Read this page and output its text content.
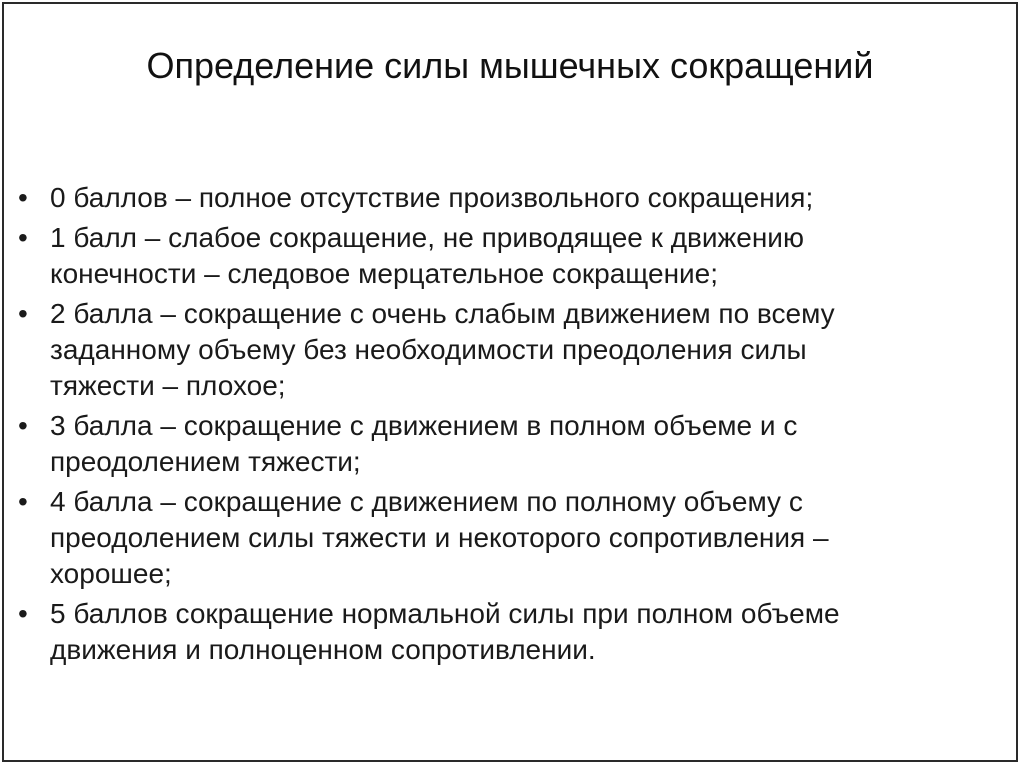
Определение силы мышечных сокращений
• 0 баллов – полное отсутствие произвольного сокращения;
• 1 балл – слабое сокращение, не приводящее к движению
конечности – следовое мерцательное сокращение;
• 2 балла – сокращение с очень слабым движением по всему
заданному объему без необходимости преодоления силы
тяжести – плохое;
• 3 балла – сокращение с движением в полном объеме и с
преодолением тяжести;
• 4 балла – сокращение с движением по полному объему с
преодолением силы тяжести и некоторого сопротивления –
хорошее;
• 5 баллов сокращение нормальной силы при полном объеме
движения и полноценном сопротивлении.
